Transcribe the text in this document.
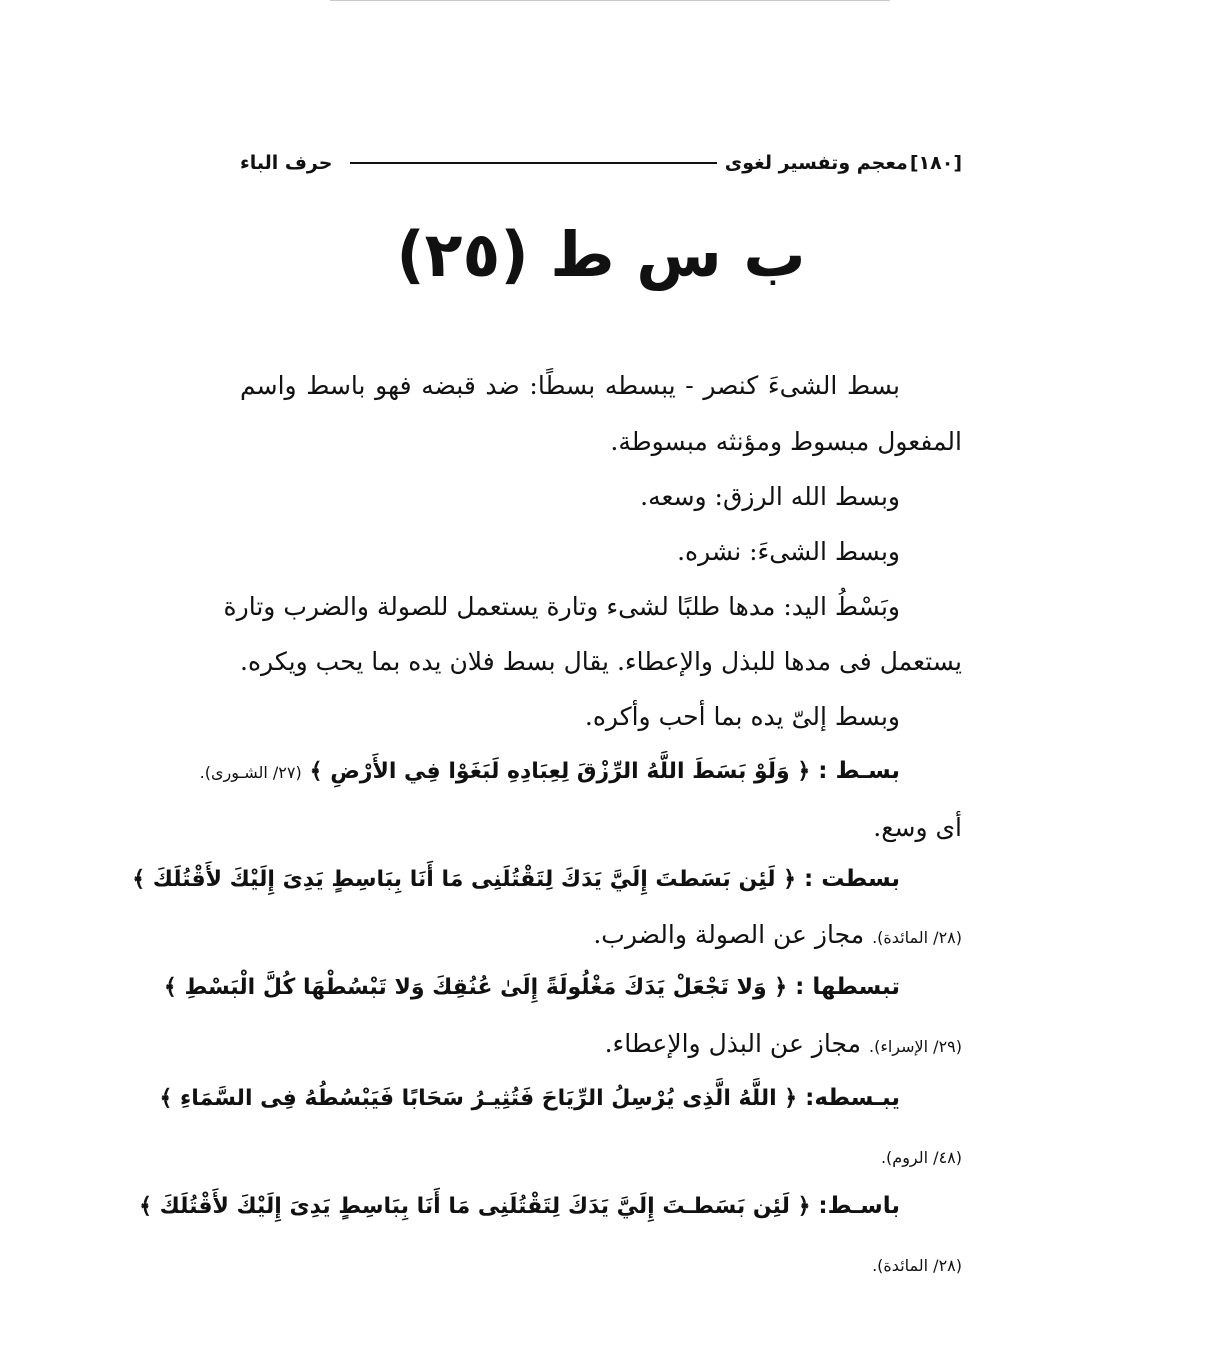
[١٨٠]
معجم وتفسير لغوى
حرف الباء
ب س ط (٢٥)
بسط الشىءَ كنصر - يبسطه بسطًا: ضد قبضه فهو باسط واسم
المفعول مبسوط ومؤنثه مبسوطة.
وبسط الله الرزق: وسعه.
وبسط الشىءَ: نشره.
وبَسْطُ اليد: مدها طلبًا لشىء وتارة يستعمل للصولة والضرب وتارة
يستعمل فى مدها للبذل والإعطاء. يقال بسط فلان يده بما يحب ويكره.
وبسط إلىّ يده بما أحب وأكره.
بسـط : ﴿ وَلَوْ بَسَطَ اللَّهُ الرِّزْقَ لِعِبَادِهِ لَبَغَوْا فِي الأَرْضِ ﴾ (٢٧/ الشـورى).
أى وسع.
بسطت : ﴿ لَئِن بَسَطتَ إِلَيَّ يَدَكَ لِتَقْتُلَنِى مَا أَنَا بِبَاسِطٍ يَدِىَ إِلَيْكَ لأَقْتُلَكَ ﴾
(٢٨/ المائدة). مجاز عن الصولة والضرب.
تبسطها : ﴿ وَلا تَجْعَلْ يَدَكَ مَغْلُولَةً إِلَىٰ عُنُقِكَ وَلا تَبْسُطْهَا كُلَّ الْبَسْطِ ﴾
(٢٩/ الإسراء). مجاز عن البذل والإعطاء.
يبـسطه: ﴿ اللَّهُ الَّذِى يُرْسِلُ الرِّيَاحَ فَتُثِيـرُ سَحَابًا فَيَبْسُطُهُ فِى السَّمَاءِ ﴾
(٤٨/ الروم).
باسـط: ﴿ لَئِن بَسَطـتَ إِلَيَّ يَدَكَ لِتَقْتُلَنِى مَا أَنَا بِبَاسِطٍ يَدِىَ إِلَيْكَ لأَقْتُلَكَ ﴾
(٢٨/ المائدة).
